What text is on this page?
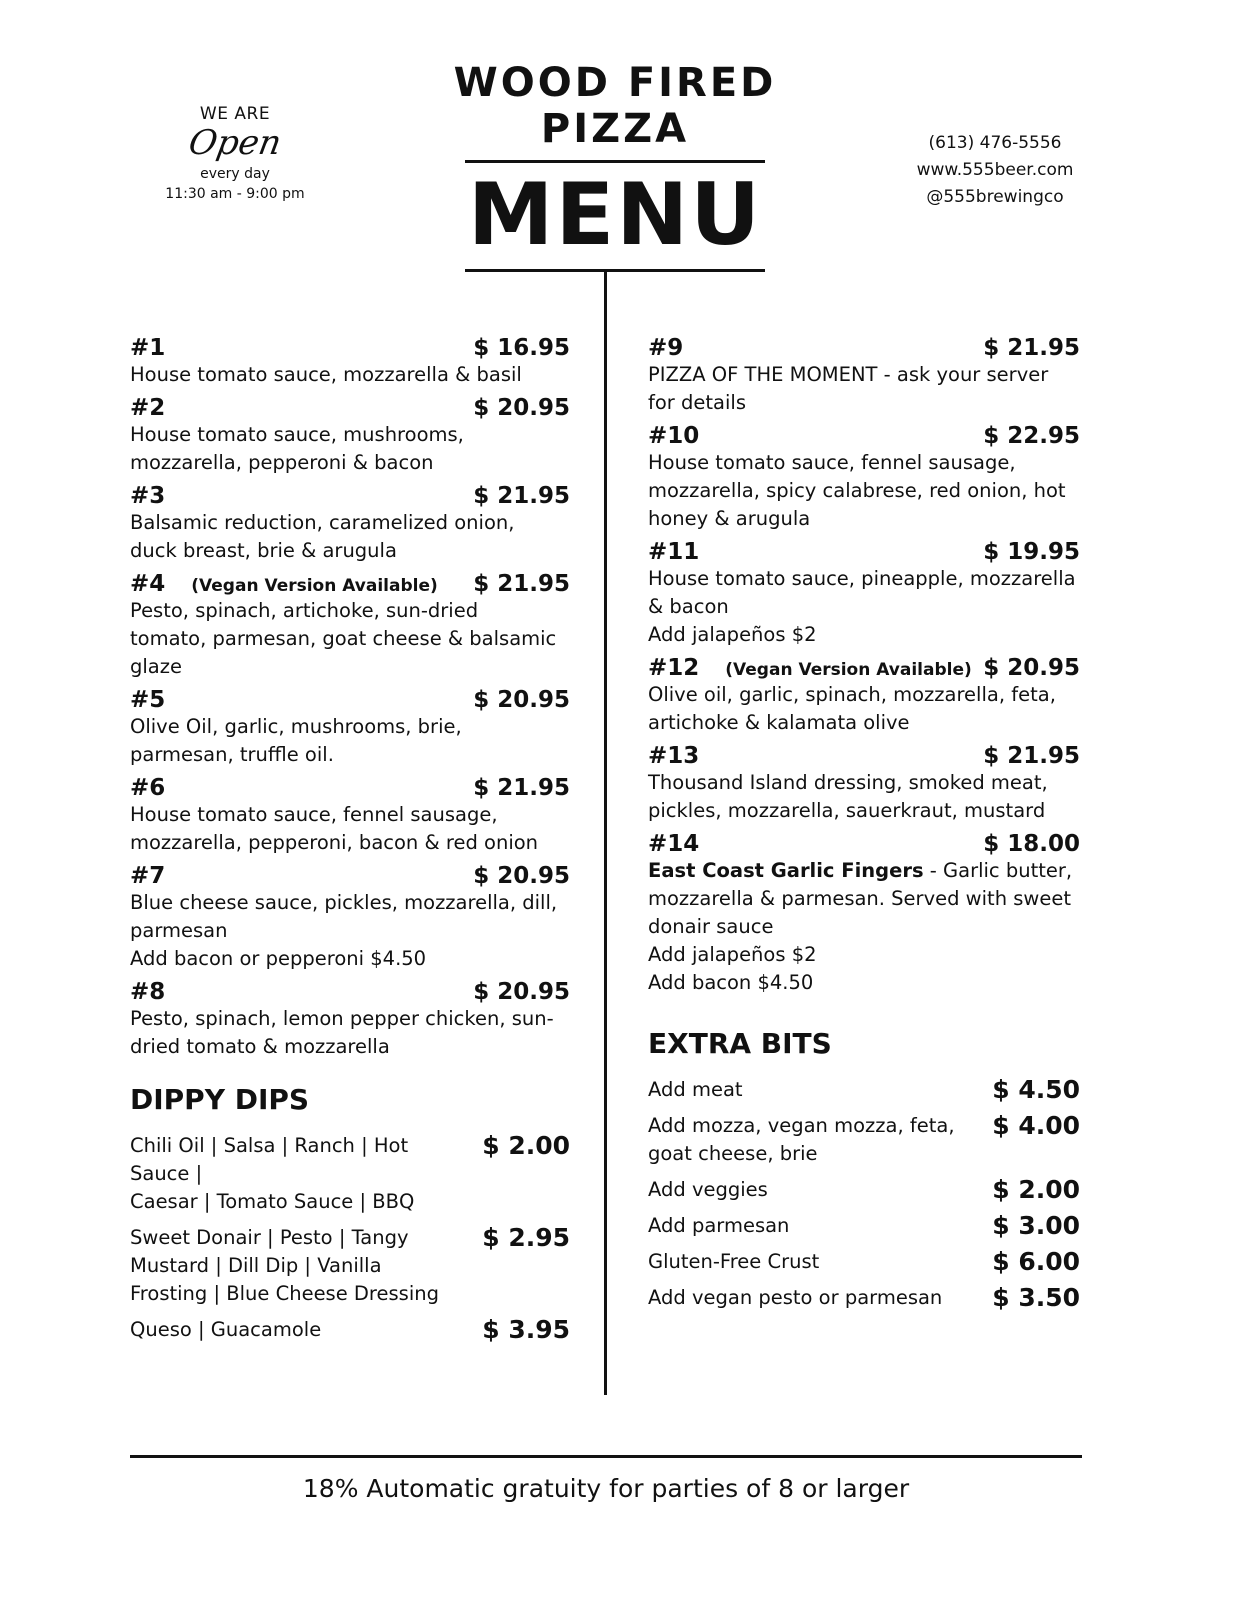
WE ARE
Open
every day
11:30 am - 9:00 pm
WOOD FIRED PIZZA
MENU
(613) 476-5556
www.555beer.com
@555brewingco
#1	$ 16.95
House tomato sauce, mozzarella & basil
#2	$ 20.95
House tomato sauce, mushrooms,
mozzarella, pepperoni & bacon
#3	$ 21.95
Balsamic reduction, caramelized onion,
duck breast, brie & arugula
#4 (Vegan Version Available)	$ 21.95
Pesto, spinach, artichoke, sun-dried
tomato, parmesan, goat cheese & balsamic
glaze
#5	$ 20.95
Olive Oil, garlic, mushrooms, brie,
parmesan, truffle oil.
#6	$ 21.95
House tomato sauce, fennel sausage,
mozzarella, pepperoni, bacon & red onion
#7	$ 20.95
Blue cheese sauce, pickles, mozzarella, dill,
parmesan
Add bacon or pepperoni $4.50
#8	$ 20.95
Pesto, spinach, lemon pepper chicken, sun-
dried tomato & mozzarella
DIPPY DIPS
Chili Oil | Salsa | Ranch | Hot Sauce |
Caesar | Tomato Sauce | BBQ
$ 2.00
Sweet Donair | Pesto | Tangy
Mustard | Dill Dip | Vanilla
Frosting | Blue Cheese Dressing
$ 2.95
Queso | Guacamole	$ 3.95
#9	$ 21.95
PIZZA OF THE MOMENT - ask your server
for details
#10	$ 22.95
House tomato sauce, fennel sausage,
mozzarella, spicy calabrese, red onion, hot
honey & arugula
#11	$ 19.95
House tomato sauce, pineapple, mozzarella
& bacon
Add jalapeños $2
#12 (Vegan Version Available) $ 20.95
Olive oil, garlic, spinach, mozzarella, feta,
artichoke & kalamata olive
#13	$ 21.95
Thousand Island dressing, smoked meat,
pickles, mozzarella, sauerkraut, mustard
#14	$ 18.00
East Coast Garlic Fingers - Garlic butter,
mozzarella & parmesan. Served with sweet
donair sauce
Add jalapeños $2
Add bacon $4.50
EXTRA BITS
Add meat	$ 4.50
Add mozza, vegan mozza, feta,
goat cheese, brie
$ 4.00
Add veggies	$ 2.00
Add parmesan	$ 3.00
Gluten-Free Crust	$ 6.00
Add vegan pesto or parmesan	$ 3.50
18% Automatic gratuity for parties of 8 or larger
